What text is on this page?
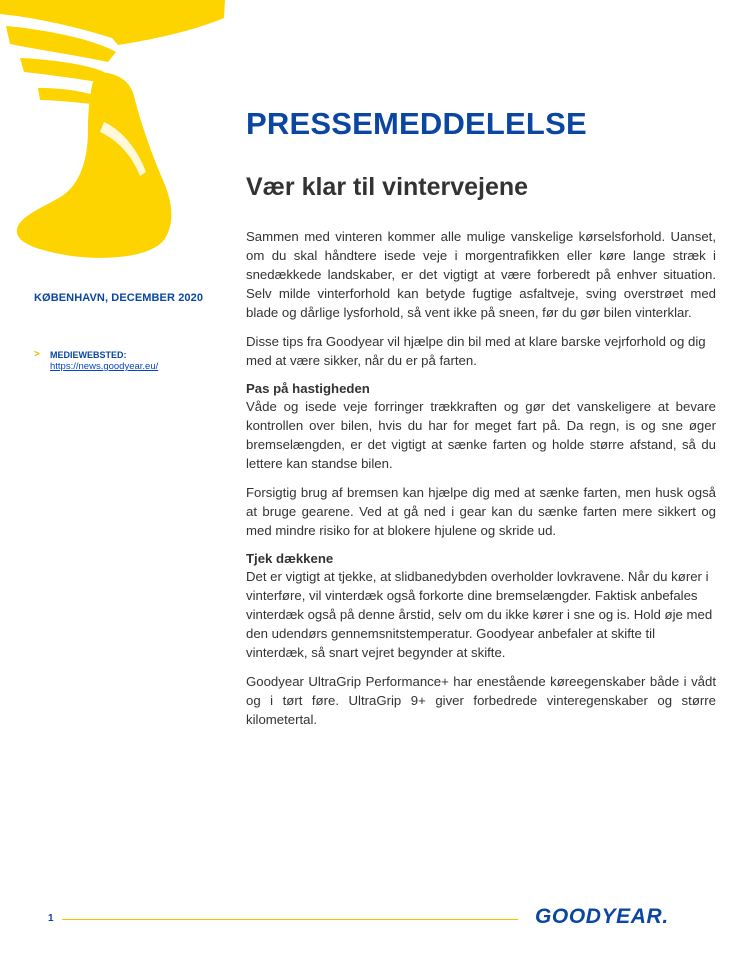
PRESSEMEDDELELSE
Vær klar til vintervejene
KØBENHAVN, DECEMBER 2020
>	MEDIEWEBSTED:
https://news.goodyear.eu/

Sammen med vinteren kommer alle mulige vanskelige kørselsforhold. Uanset, om du skal håndtere isede veje i morgentrafikken eller køre lange stræk i snedækkede landskaber, er det vigtigt at være forberedt på enhver situation. Selv milde vinterforhold kan betyde fugtige asfaltveje, sving overstrøet med blade og dårlige lysforhold, så vent ikke på sneen, før du gør bilen vinterklar.

Disse tips fra Goodyear vil hjælpe din bil med at klare barske vejrforhold og dig med at være sikker, når du er på farten.

Pas på hastigheden
Våde og isede veje forringer trækkraften og gør det vanskeligere at bevare kontrollen over bilen, hvis du har for meget fart på. Da regn, is og sne øger bremselængden, er det vigtigt at sænke farten og holde større afstand, så du lettere kan standse bilen.

Forsigtig brug af bremsen kan hjælpe dig med at sænke farten, men husk også at bruge gearene. Ved at gå ned i gear kan du sænke farten mere sikkert og med mindre risiko for at blokere hjulene og skride ud.

Tjek dækkene
Det er vigtigt at tjekke, at slidbanedybden overholder lovkravene. Når du kører i vinterføre, vil vinterdæk også forkorte dine bremselængder. Faktisk anbefales vinterdæk også på denne årstid, selv om du ikke kører i sne og is. Hold øje med den udendørs gennemsnitstemperatur. Goodyear anbefaler at skifte til vinterdæk, så snart vejret begynder at skifte.

Goodyear UltraGrip Performance+ har enestående køreegenskaber både i vådt og i tørt føre. UltraGrip 9+ giver forbedrede vinteregenskaber og større kilometertal.

1	GOODYEAR.
